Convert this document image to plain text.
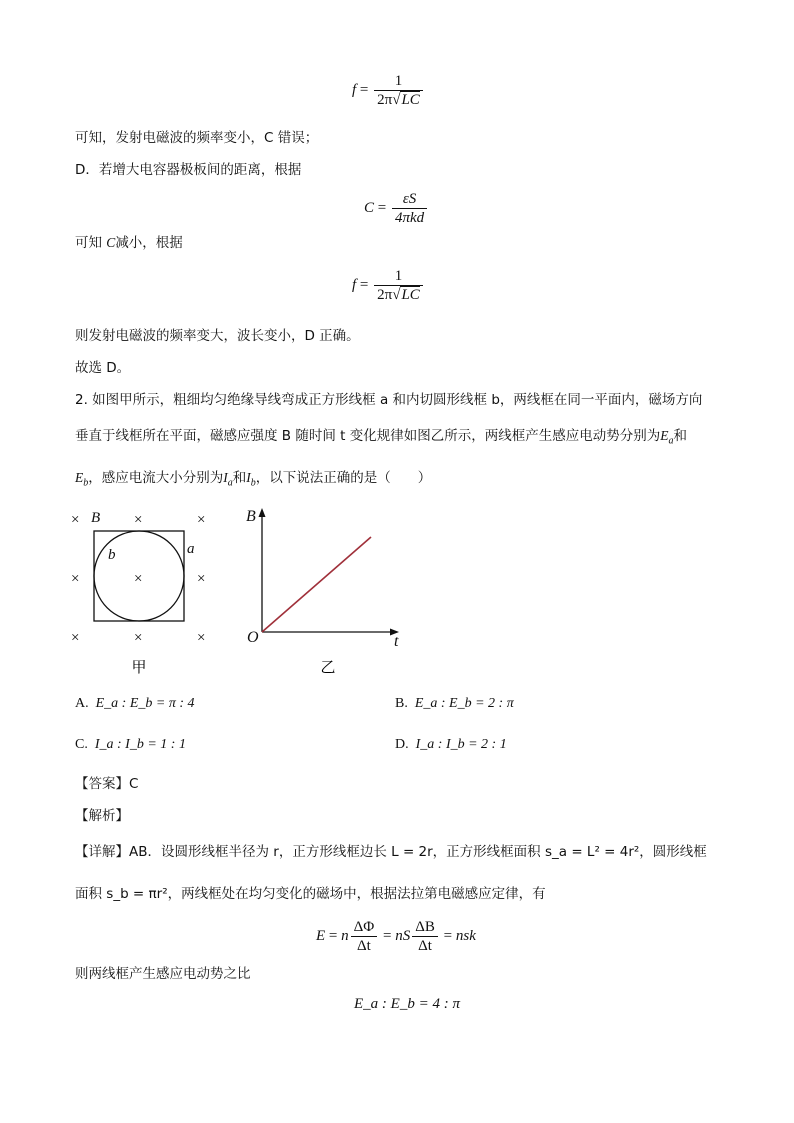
$f = \frac{1}{2\pi√LC}$
可知，发射电磁波的频率变小，C 错误；
D．若增大电容器极板间的距离，根据
$C = \frac{\varepsilon S}{\text{4πkd}}$
可知 C减小，根据
$f = \frac{1}{2\pi√LC}$
则发射电磁波的频率变大，波长变小，D 正确。
故选 D。
2. 如图甲所示，粗细均匀绝缘导线弯成正方形线框 a 和内切圆形线框 b，两线框在同一平面内，磁场方向
垂直于线框所在平面，磁感应强度 B 随时间 t 变化规律如图乙所示，两线框产生感应电动势分别为$E_a$和
$E_b$，感应电流大小分别为$I_a$和$I_b$，以下说法正确的是（　　）
×	×	×
×	×	×
×	×	×
B
a
b
甲
B
t
O
乙
A. E_a : E_b = π : 4	B. E_a : E_b = 2 : π
C. I_a : I_b = 1 : 1	D. I_a : I_b = 2 : 1
【答案】C
【解析】
【详解】AB．设圆形线框半径为 r，正方形线框边长 L = 2r，正方形线框面积 s_a = L² = 4r²，圆形线框
面积 s_b = πr²，两线框处在均匀变化的磁场中，根据法拉第电磁感应定律，有
E = n $\frac{\Delta\Phi}{\Delta t}$ = nS $\frac{\Delta B}{\Delta t}$ = nsk
则两线框产生感应电动势之比
E_a : E_b = 4 : π
